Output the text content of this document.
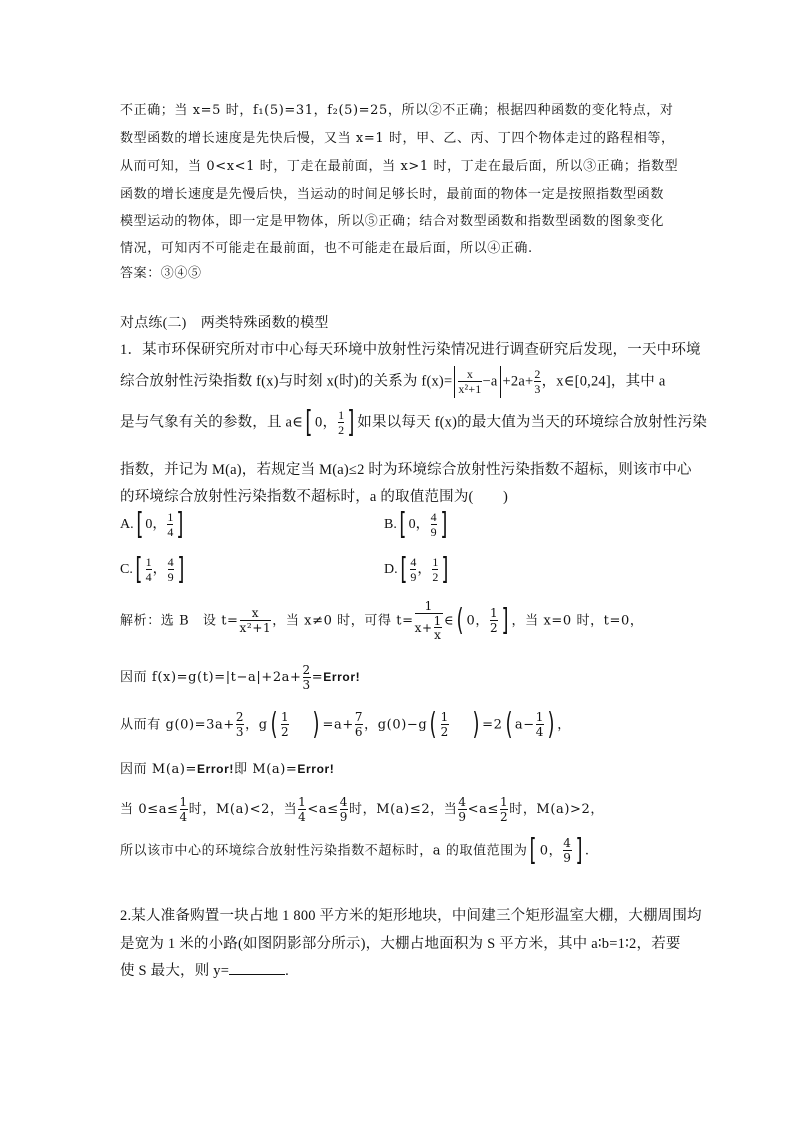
不正确；当 x=5 时，f₁(5)=31，f₂(5)=25，所以②不正确；根据四种函数的变化特点，对
数型函数的增长速度是先快后慢，又当 x=1 时，甲、乙、丙、丁四个物体走过的路程相等，
从而可知，当 0<x<1 时，丁走在最前面，当 x>1 时，丁走在最后面，所以③正确；指数型
函数的增长速度是先慢后快，当运动的时间足够长时，最前面的物体一定是按照指数型函数
模型运动的物体，即一定是甲物体，所以⑤正确；结合对数型函数和指数型函数的图象变化
情况，可知丙不可能走在最前面，也不可能走在最后面，所以④正确.
答案：③④⑤
对点练(二)　两类特殊函数的模型
1．某市环保研究所对市中心每天环境中放射性污染情况进行调查研究后发现，一天中环境
综合放射性污染指数 f(x)与时刻 x(时)的关系为 $f(x)= \frac{x}{\text{x²+1}} -a +2a+ \frac{2}{3}$ ，x∈[0,24]，其中 a
是与气象有关的参数，且 a∈[ 0， $\frac{1}{2}$ ] 如果以每天 f(x)的最大值为当天的环境综合放射性污染
指数，并记为 M(a)，若规定当 M(a)≤2 时为环境综合放射性污染指数不超标，则该市中心
的环境综合放射性污染指数不超标时，a 的取值范围为(　　)
A.[ 0， $\frac{1}{4}$ ]	B.[ 0， $\frac{4}{9}$ ]
$C.[ \frac{1}{4}$ ， $\frac{4}{9}$ ]	$D.[ \frac{4}{9}$ ， $\frac{1}{2}$ ]
解析：选 B　设 $t= \frac{x}{\text{x²+1}}$ ，当 x≠0 时，可得 $t= \frac{1}{x+ \frac{1}{x}}$ ∈( 0， $\frac{1}{2}$ ] ，当 x=0 时，t=0，
因而 $f(x)=g(t)=|t-a|+2a+ \frac{2}{3}$ =Error!
从而有 $g(0)=3a+ \frac{2}{3}$ ，$g( \frac{1}{2}$ ) $=a+ \frac{7}{6}$ ，$g(0)-g( \frac{1}{2}$ ) =2( $a- \frac{1}{4}$ ) ，
因而 M(a)=Error!即 M(a)=Error!
当 $0\le a\le \frac{1}{4}$ 时，M(a)<2，当 $\frac{1}{4} <a\le \frac{4}{9}$ 时，M(a)≤2，当 $\frac{4}{9} <a\le \frac{1}{2}$ 时，M(a)>2，
所以该市中心的环境综合放射性污染指数不超标时，a 的取值范围为[ 0， $\frac{4}{9}$ ] .
2.某人准备购置一块占地 1 800 平方米的矩形地块，中间建三个矩形温室大棚，大棚周围均
是宽为 1 米的小路(如图阴影部分所示)，大棚占地面积为 S 平方米，其中 a∶b=1∶2，若要
使 S 最大，则 y=	.
